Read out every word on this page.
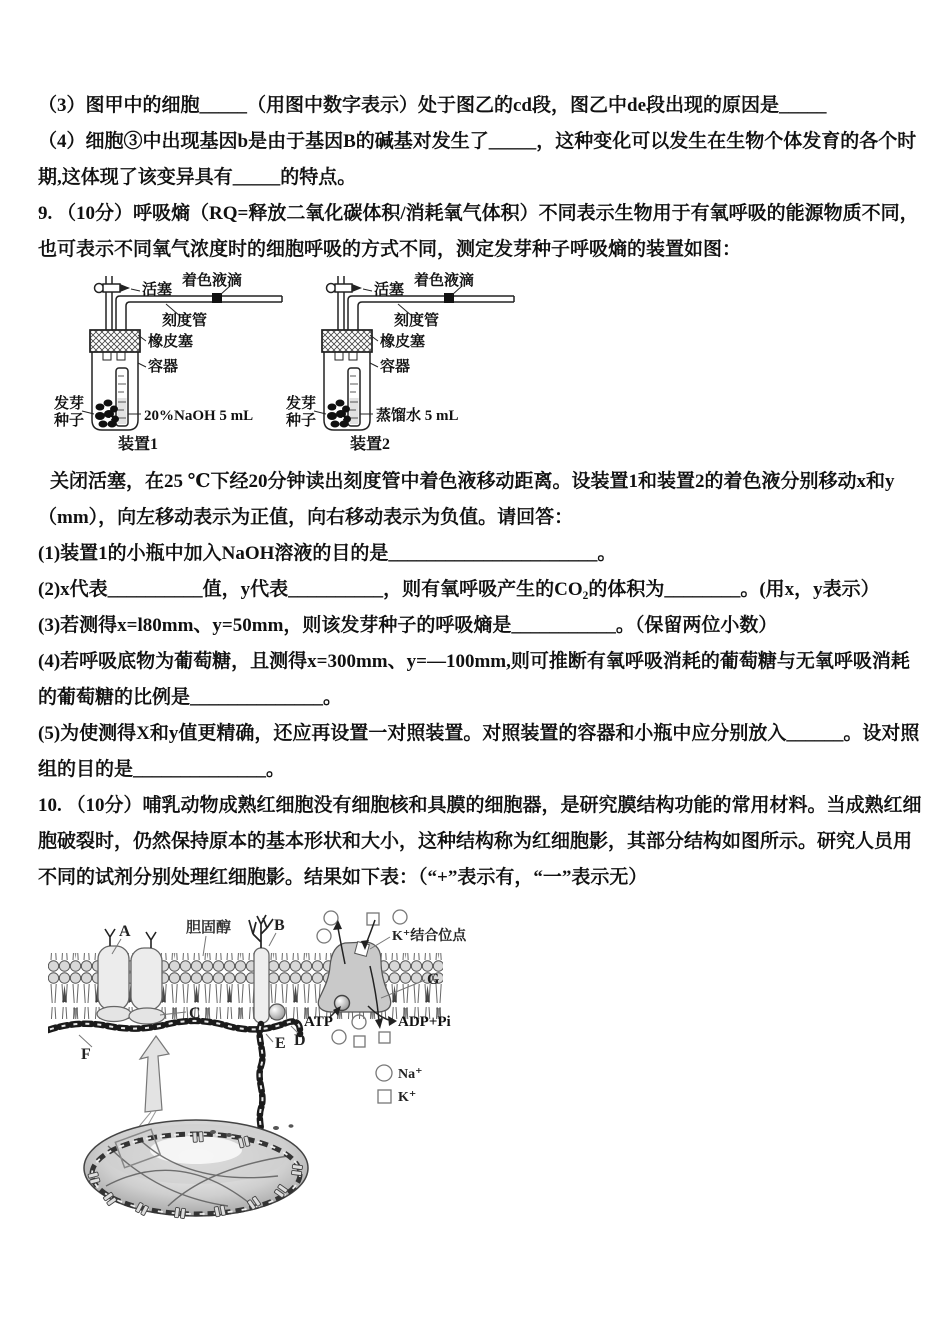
（3）图甲中的细胞_____（用图中数字表示）处于图乙的cd段，图乙中de段出现的原因是_____

（4）细胞③中出现基因b是由于基因B的碱基对发生了_____，这种变化可以发生在生物个体发育的各个时期,这体现了该变异具有_____的特点。

9. （10分）呼吸熵（RQ=释放二氧化碳体积/消耗氧气体积）不同表示生物用于有氧呼吸的能源物质不同，也可表示不同氧气浓度时的细胞呼吸的方式不同，测定发芽种子呼吸熵的装置如图：

活塞
着色液滴
刻度管
橡皮塞
容器
发芽
种子	20%NaOH 5 mL
装置1
活塞
着色液滴
刻度管
橡皮塞
容器
发芽
种子	蒸馏水 5 mL
装置2

关闭活塞，在25 ℃下经20分钟读出刻度管中着色液移动距离。设装置1和装置2的着色液分别移动x和y（mm），向左移动表示为正值，向右移动表示为负值。请回答：

(1)装置1的小瓶中加入NaOH溶液的目的是______________________。

(2)x代表__________值，y代表__________，则有氧呼吸产生的CO₂的体积为________。(用x，y表示）

(3)若测得x=l80mm、y=50mm，则该发芽种子的呼吸熵是___________。（保留两位小数）

(4)若呼吸底物为葡萄糖，且测得x=300mm、y=—100mm,则可推断有氧呼吸消耗的葡萄糖与无氧呼吸消耗的葡萄糖的比例是______________。

(5)为使测得X和y值更精确，还应再设置一对照装置。对照装置的容器和小瓶中应分别放入______。设对照组的目的是______________。

10. （10分）哺乳动物成熟红细胞没有细胞核和具膜的细胞器，是研究膜结构功能的常用材料。当成熟红细胞破裂时，仍然保持原本的基本形状和大小，这种结构称为红细胞影，其部分结构如图所示。研究人员用不同的试剂分别处理红细胞影。结果如下表：（“+”表示有，“一”表示无）

A	B
C
D
E
F
G
胆固醇
K⁺结合位点
ATP	ADP+Pi
Na⁺
K⁺
